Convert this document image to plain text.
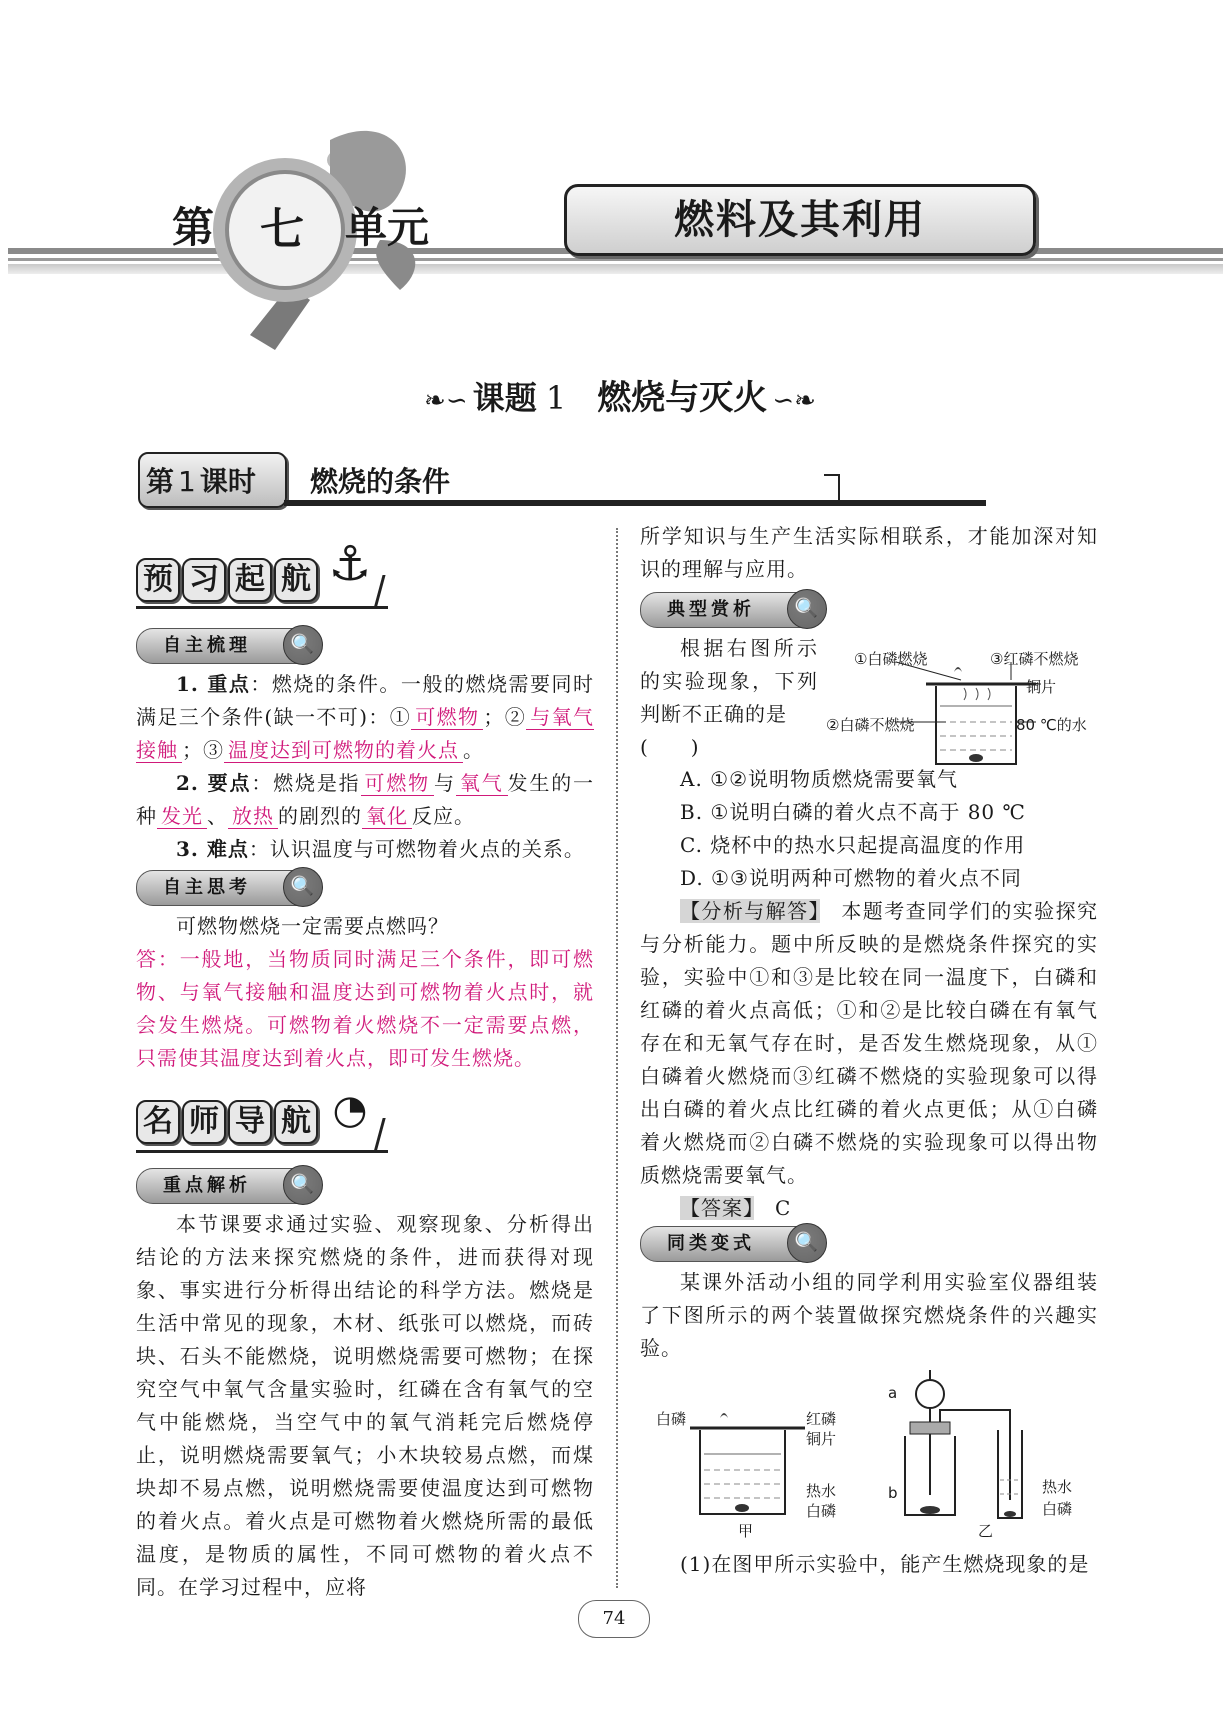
第 七 单元	燃料及其利用
❧∽ 课题 1 燃烧与灭火 ∽❧
第 1 课时 燃烧的条件
预 习 起 航 ⚓
自主梳理	🔍

1. 重点：燃烧的条件。一般的燃烧需要同时满足三个条件(缺一不可)：① 可燃物 ；② 与氧气接触 ；③ 温度达到可燃物的着火点 。

2. 要点：燃烧是指 可燃物 与 氧气 发生的一种 发光 、 放热 的剧烈的 氧化 反应。

3. 难点：认识温度与可燃物着火点的关系。

自主思考	🔍

可燃物燃烧一定需要点燃吗？

答：一般地，当物质同时满足三个条件，即可燃物、与氧气接触和温度达到可燃物着火点时，就会发生燃烧。可燃物着火燃烧不一定需要点燃，只需使其温度达到着火点，即可发生燃烧。

名 师 导 航 ◔
重点解析	🔍

本节课要求通过实验、观察现象、分析得出结论的方法来探究燃烧的条件，进而获得对现象、事实进行分析得出结论的科学方法。燃烧是生活中常见的现象，木材、纸张可以燃烧，而砖块、石头不能燃烧，说明燃烧需要可燃物；在探究空气中氧气含量实验时，红磷在含有氧气的空气中能燃烧，当空气中的氧气消耗完后燃烧停止，说明燃烧需要氧气；小木块较易点燃，而煤块却不易点燃，说明燃烧需要使温度达到可燃物的着火点。着火点是可燃物着火燃烧所需的最低温度，是物质的属性，不同可燃物的着火点不同。在学习过程中，应将

所学知识与生产生活实际相联系，才能加深对知识的理解与应用。

典型赏析	🔍

根据右图所示的实验现象，下列判断不正确的是

(　　)

①白磷燃烧	③红磷不燃烧
铜片
②白磷不燃烧	80 ℃的水

A. ①②说明物质燃烧需要氧气

B. ①说明白磷的着火点不高于 80 ℃

C. 烧杯中的热水只起提高温度的作用

D. ①③说明两种可燃物的着火点不同

【分析与解答】　 本题考查同学们的实验探究与分析能力。题中所反映的是燃烧条件探究的实验，实验中①和③是比较在同一温度下，白磷和红磷的着火点高低；①和②是比较白磷在有氧气存在和无氧气存在时，是否发生燃烧现象，从①白磷着火燃烧而③红磷不燃烧的实验现象可以得出白磷的着火点比红磷的着火点更低；从①白磷着火燃烧而②白磷不燃烧的实验现象可以得出物质燃烧需要氧气。

【答案】　 C

同类变式	🔍

某课外活动小组的同学利用实验室仪器组装了下图所示的两个装置做探究燃烧条件的兴趣实验。

白磷	红磷
铜片
热水
白磷
甲
a
b	热水
白磷
乙

(1)在图甲所示实验中，能产生燃烧现象的是

74
